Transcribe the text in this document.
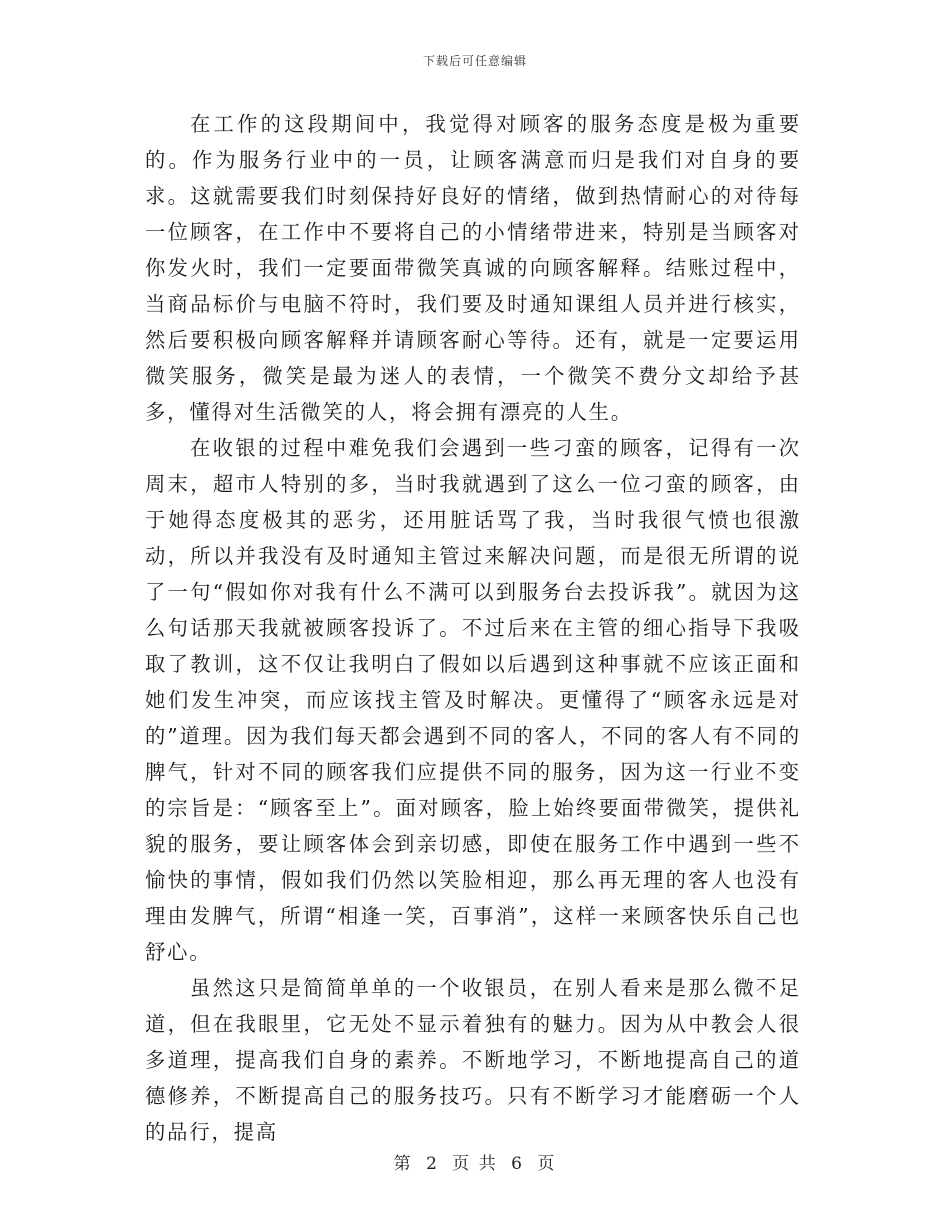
下载后可任意编辑

在工作的这段期间中，我觉得对顾客的服务态度是极为重要的。作为服务行业中的一员，让顾客满意而归是我们对自身的要求。这就需要我们时刻保持好良好的情绪，做到热情耐心的对待每一位顾客，在工作中不要将自己的小情绪带进来，特别是当顾客对你发火时，我们一定要面带微笑真诚的向顾客解释。结账过程中，当商品标价与电脑不符时，我们要及时通知课组人员并进行核实，然后要积极向顾客解释并请顾客耐心等待。还有，就是一定要运用微笑服务，微笑是最为迷人的表情，一个微笑不费分文却给予甚多，懂得对生活微笑的人，将会拥有漂亮的人生。

在收银的过程中难免我们会遇到一些刁蛮的顾客，记得有一次周末，超市人特别的多，当时我就遇到了这么一位刁蛮的顾客，由于她得态度极其的恶劣，还用脏话骂了我，当时我很气愤也很激动，所以并我没有及时通知主管过来解决问题，而是很无所谓的说了一句“假如你对我有什么不满可以到服务台去投诉我”。就因为这么句话那天我就被顾客投诉了。不过后来在主管的细心指导下我吸取了教训，这不仅让我明白了假如以后遇到这种事就不应该正面和她们发生冲突，而应该找主管及时解决。更懂得了“顾客永远是对的”道理。因为我们每天都会遇到不同的客人，不同的客人有不同的脾气，针对不同的顾客我们应提供不同的服务，因为这一行业不变的宗旨是：“顾客至上”。面对顾客，脸上始终要面带微笑，提供礼貌的服务，要让顾客体会到亲切感，即使在服务工作中遇到一些不愉快的事情，假如我们仍然以笑脸相迎，那么再无理的客人也没有理由发脾气，所谓“相逢一笑，百事消”，这样一来顾客快乐自己也舒心。

虽然这只是简简单单的一个收银员，在别人看来是那么微不足道，但在我眼里，它无处不显示着独有的魅力。因为从中教会人很多道理，提高我们自身的素养。不断地学习，不断地提高自己的道德修养，不断提高自己的服务技巧。只有不断学习才能磨砺一个人的品行，提高

第 2 页 共 6 页
